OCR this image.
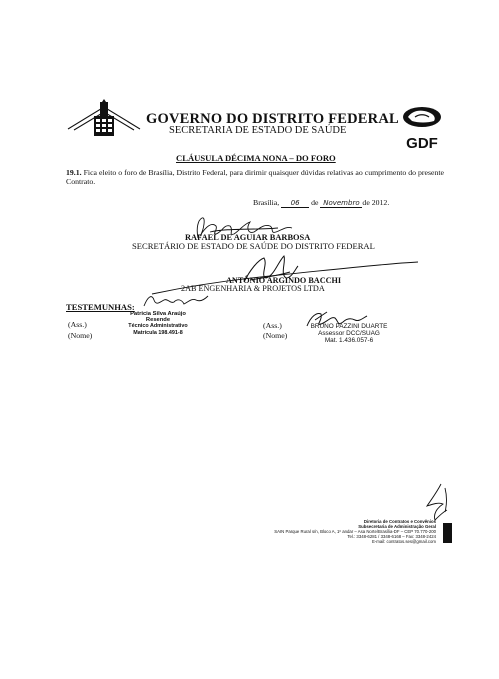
GOVERNO DO DISTRITO FEDERAL
SECRETARIA DE ESTADO DE SAÚDE
GDF
CLÁUSULA DÉCIMA NONA – DO FORO
19.1. Fica eleito o foro de Brasília, Distrito Federal, para dirimir quaisquer dúvidas relativas ao cumprimento do presente Contrato.
Brasília, 06 de Novembro de 2012.
RAFAEL DE AGUIAR BARBOSA
SECRETÁRIO DE ESTADO DE SAÚDE DO DISTRITO FEDERAL
ANTÔNIO ARGINDO BACCHI
2AB ENGENHARIA & PROJETOS LTDA
TESTEMUNHAS:
Patricia Silva Araújo Resende
Técnico Administrativo
Matrícula 198.491-8
(Ass.)
(Nome)
(Ass.)
(Nome)
BRUNO PAZZINI DUARTE
Assessor DCC/SUAG
Mat. 1.436.057-6
Diretoria de Contratos e Convênios
Subsecretaria de Administração Geral
SAIN Parque Rural s/n, Bloco A, 1º andar – Asa Norte/Brasília-DF – CEP 70.770-200
Tel.: 3348-6281 / 3348-6168 – Fax: 3348-2424
E-mail: contratos.ses@gmail.com
